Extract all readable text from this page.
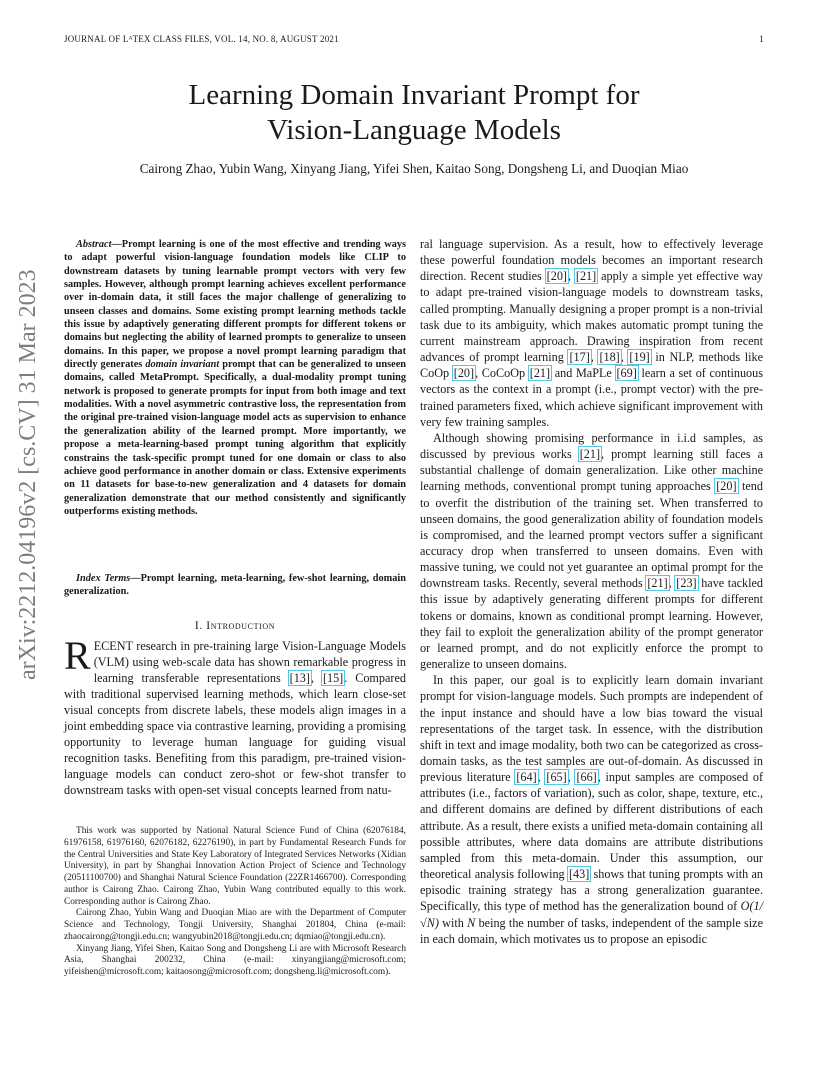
JOURNAL OF LᴬTEX CLASS FILES, VOL. 14, NO. 8, AUGUST 2021	1
Learning Domain Invariant Prompt for
Vision-Language Models
Cairong Zhao, Yubin Wang, Xinyang Jiang, Yifei Shen, Kaitao Song, Dongsheng Li, and Duoqian Miao
arXiv:2212.04196v2 [cs.CV] 31 Mar 2023

Abstract—Prompt learning is one of the most effective and trending ways to adapt powerful vision-language foundation models like CLIP to downstream datasets by tuning learnable prompt vectors with very few samples. However, although prompt learning achieves excellent performance over in-domain data, it still faces the major challenge of generalizing to unseen classes and domains. Some existing prompt learning methods tackle this issue by adaptively generating different prompts for different tokens or domains but neglecting the ability of learned prompts to generalize to unseen domains. In this paper, we propose a novel prompt learning paradigm that directly generates domain invariant prompt that can be generalized to unseen domains, called MetaPrompt. Specifically, a dual-modality prompt tuning network is proposed to generate prompts for input from both image and text modalities. With a novel asymmetric contrastive loss, the representation from the original pre-trained vision-language model acts as supervision to enhance the generalization ability of the learned prompt. More importantly, we propose a meta-learning-based prompt tuning algorithm that explicitly constrains the task-specific prompt tuned for one domain or class to also achieve good performance in another domain or class. Extensive experiments on 11 datasets for base-to-new generalization and 4 datasets for domain generalization demonstrate that our method consistently and significantly outperforms existing methods.

Index Terms—Prompt learning, meta-learning, few-shot learning, domain generalization.

I. Introduction

RECENT research in pre-training large Vision-Language Models (VLM) using web-scale data has shown remarkable progress in learning transferable representations [13], [15]. Compared with traditional supervised learning methods, which learn close-set visual concepts from discrete labels, these models align images in a joint embedding space via contrastive learning, providing a promising opportunity to leverage human language for guiding visual recognition tasks. Benefiting from this paradigm, pre-trained vision-language models can conduct zero-shot or few-shot transfer to downstream tasks with open-set visual concepts learned from natu-

This work was supported by National Natural Science Fund of China (62076184, 61976158, 61976160, 62076182, 62276190), in part by Fundamental Research Funds for the Central Universities and State Key Laboratory of Integrated Services Networks (Xidian University), in part by Shanghai Innovation Action Project of Science and Technology (20511100700) and Shanghai Natural Science Foundation (22ZR1466700). Corresponding author is Cairong Zhao. Cairong Zhao, Yubin Wang contributed equally to this work. Corresponding author is Cairong Zhao.

Cairong Zhao, Yubin Wang and Duoqian Miao are with the Department of Computer Science and Technology, Tongji University, Shanghai 201804, China (e-mail: zhaocairong@tongji.edu.cn; wangyubin2018@tongji.edu.cn; dqmiao@tongji.edu.cn).

Xinyang Jiang, Yifei Shen, Kaitao Song and Dongsheng Li are with Microsoft Research Asia, Shanghai 200232, China (e-mail: xinyangjiang@microsoft.com; yifeishen@microsoft.com; kaitaosong@microsoft.com; dongsheng.li@microsoft.com).

ral language supervision. As a result, how to effectively leverage these powerful foundation models becomes an important research direction. Recent studies [20], [21] apply a simple yet effective way to adapt pre-trained vision-language models to downstream tasks, called prompting. Manually designing a proper prompt is a non-trivial task due to its ambiguity, which makes automatic prompt tuning the current mainstream approach. Drawing inspiration from recent advances of prompt learning [17], [18], [19] in NLP, methods like CoOp [20], CoCoOp [21] and MaPLe [69] learn a set of continuous vectors as the context in a prompt (i.e., prompt vector) with the pre-trained parameters fixed, which achieve significant improvement with very few training samples.

Although showing promising performance in i.i.d samples, as discussed by previous works [21], prompt learning still faces a substantial challenge of domain generalization. Like other machine learning methods, conventional prompt tuning approaches [20] tend to overfit the distribution of the training set. When transferred to unseen domains, the good generalization ability of foundation models is compromised, and the learned prompt vectors suffer a significant accuracy drop when transferred to unseen domains. Even with massive tuning, we could not yet guarantee an optimal prompt for the downstream tasks. Recently, several methods [21], [23] have tackled this issue by adaptively generating different prompts for different tokens or domains, known as conditional prompt learning. However, they fail to exploit the generalization ability of the prompt generator or learned prompt, and do not explicitly enforce the prompt to generalize to unseen domains.

In this paper, our goal is to explicitly learn domain invariant prompt for vision-language models. Such prompts are independent of the input instance and should have a low bias toward the visual representations of the target task. In essence, with the distribution shift in text and image modality, both two can be categorized as cross-domain tasks, as the test samples are out-of-domain. As discussed in previous literature [64], [65], [66], input samples are composed of attributes (i.e., factors of variation), such as color, shape, texture, etc., and different domains are defined by different distributions of each attribute. As a result, there exists a unified meta-domain containing all possible attributes, where data domains are attribute distributions sampled from this meta-domain. Under this assumption, our theoretical analysis following [43] shows that tuning prompts with an episodic training strategy has a strong generalization guarantee. Specifically, this type of method has the generalization bound of O(1/√N) with N being the number of tasks, independent of the sample size in each domain, which motivates us to propose an episodic
